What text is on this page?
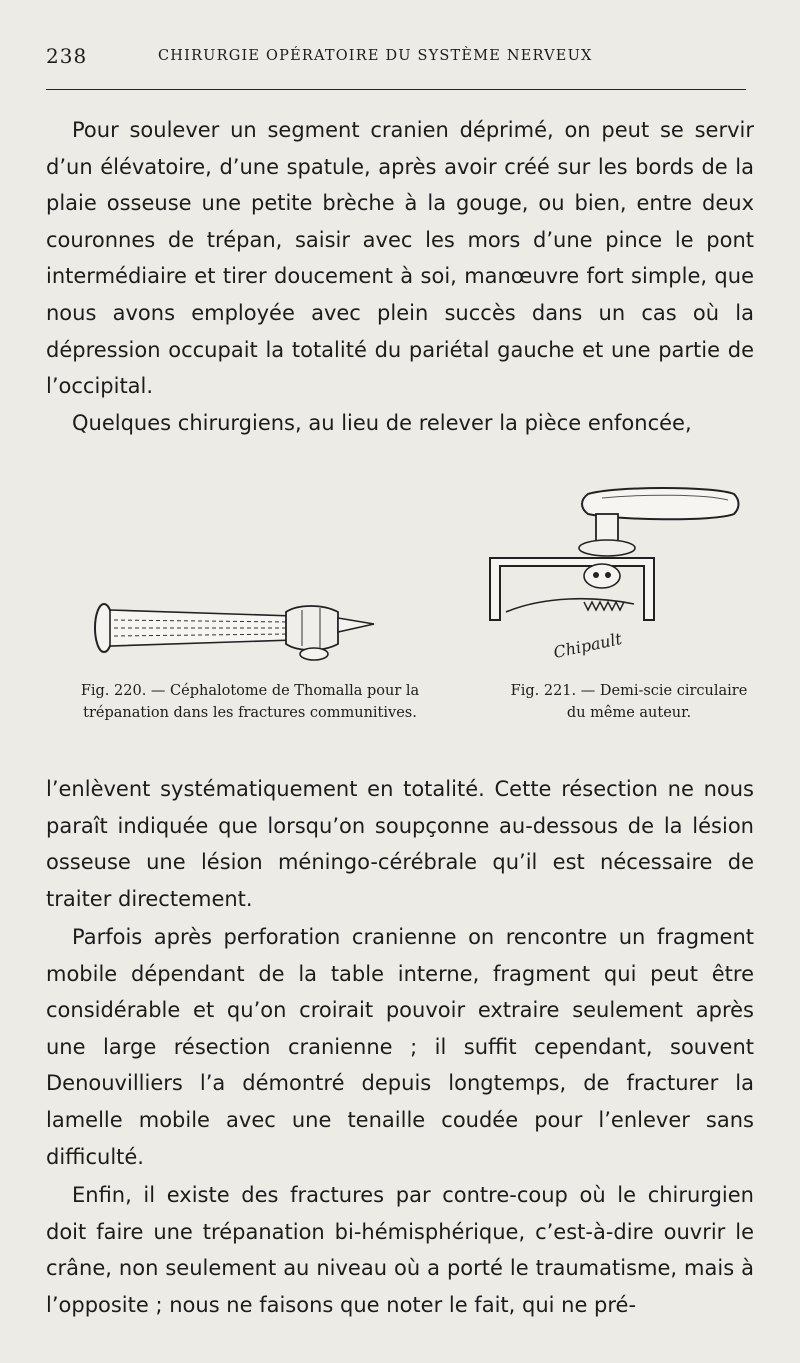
238	CHIRURGIE OPÉRATOIRE DU SYSTÈME NERVEUX

Pour soulever un segment cranien déprimé, on peut se servir d’un élévatoire, d’une spatule, après avoir créé sur les bords de la plaie osseuse une petite brèche à la gouge, ou bien, entre deux couronnes de trépan, saisir avec les mors d’une pince le pont intermédiaire et tirer doucement à soi, manœuvre fort simple, que nous avons employée avec plein succès dans un cas où la dépression occupait la totalité du pariétal gauche et une partie de l’occipital.

Quelques chirurgiens, au lieu de relever la pièce enfoncée,

Chipault
Fig. 220. — Céphalotome de Thomalla pour la
trépanation dans les fractures communitives.
Fig. 221. — Demi-scie circulaire
du même auteur.

l’enlèvent systématiquement en totalité. Cette résection ne nous paraît indiquée que lorsqu’on soupçonne au-dessous de la lésion osseuse une lésion méningo-cérébrale qu’il est nécessaire de traiter directement.

Parfois après perforation cranienne on rencontre un fragment mobile dépendant de la table interne, fragment qui peut être considérable et qu’on croirait pouvoir extraire seulement après une large résection cranienne ; il suffit cependant, souvent Denouvilliers l’a démontré depuis longtemps, de fracturer la lamelle mobile avec une tenaille coudée pour l’enlever sans difficulté.

Enfin, il existe des fractures par contre-coup où le chirurgien doit faire une trépanation bi-hémisphérique, c’est-à-dire ouvrir le crâne, non seulement au niveau où a porté le traumatisme, mais à l’opposite ; nous ne faisons que noter le fait, qui ne pré-
